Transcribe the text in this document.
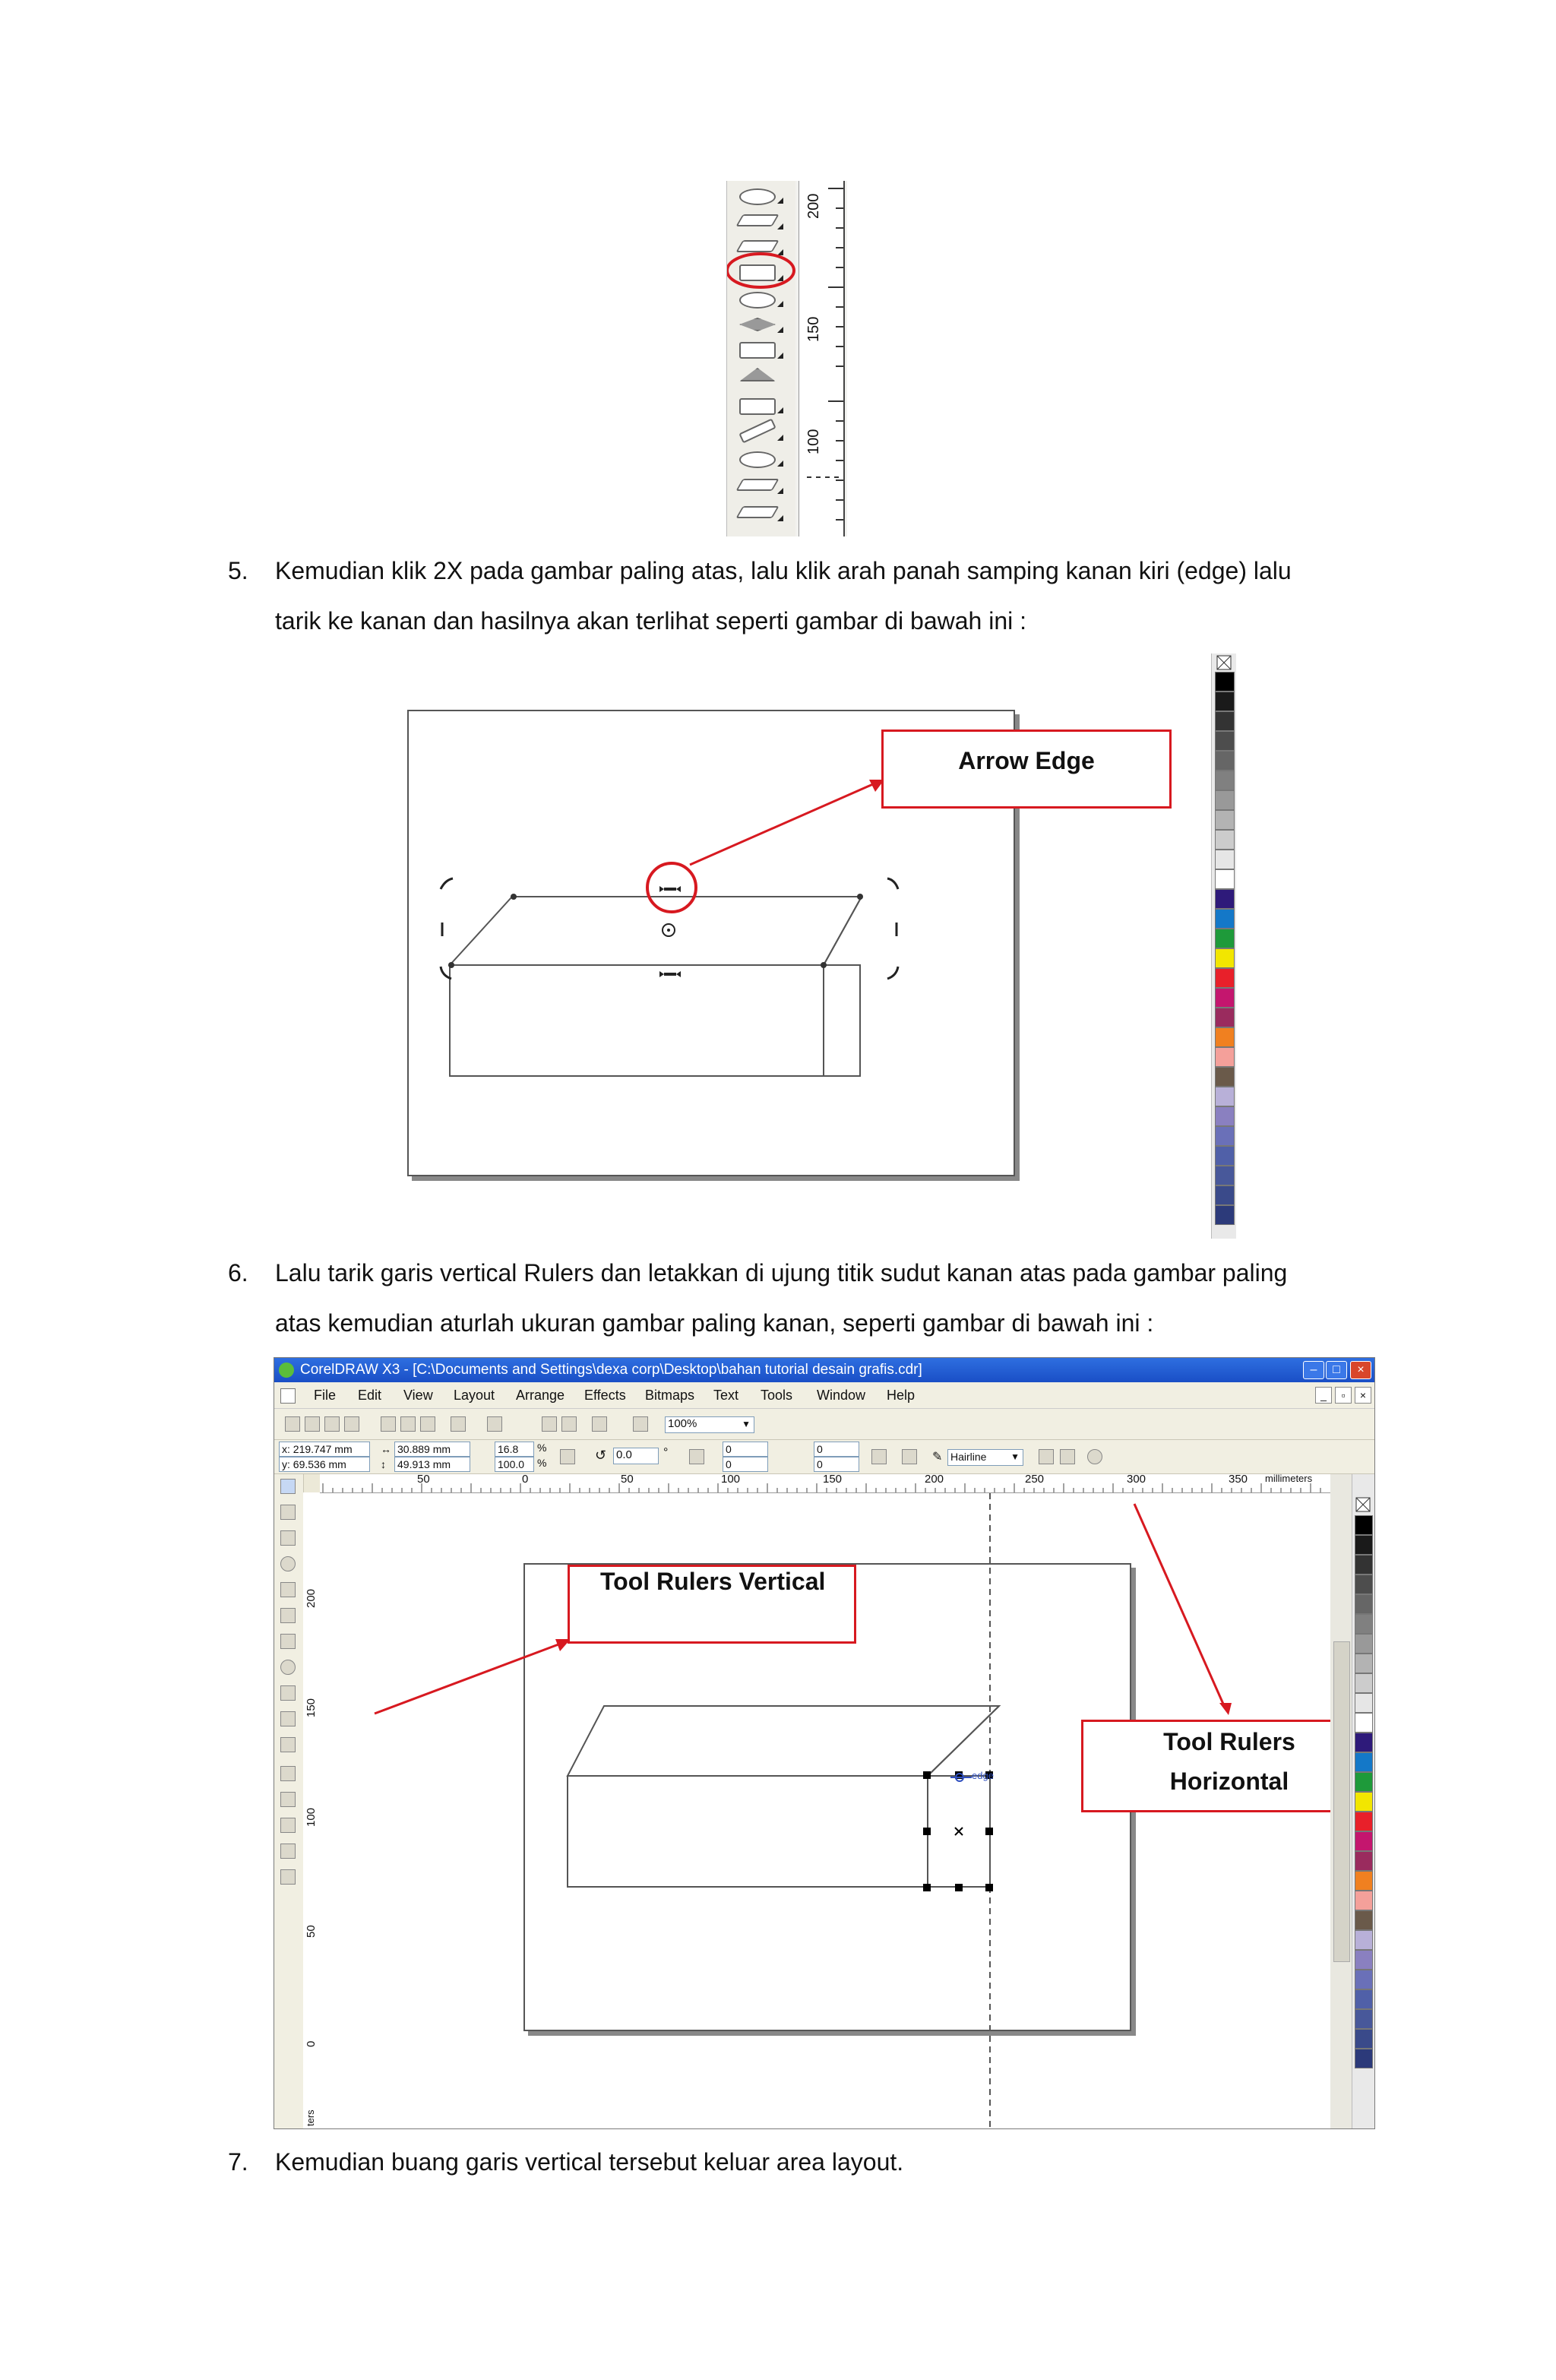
200
150
100
5. Kemudian klik 2X pada gambar paling atas, lalu klik arah panah samping kanan kiri (edge) lalu
tarik ke kanan dan hasilnya akan terlihat seperti gambar di bawah ini :
Arrow Edge
6. Lalu tarik garis vertical Rulers dan letakkan di ujung titik sudut kanan atas pada gambar paling
atas kemudian aturlah ukuran gambar paling kanan, seperti gambar di bawah ini :
CorelDRAW X3 - [C:\Documents and Settings\dexa corp\Desktop\bahan tutorial desain grafis.cdr]	–	□	×
File Edit View Layout Arrange Effects Bitmaps Text Tools Window Help	_	▫	×
100%	▼
x: 219.747 mm
y: 69.536 mm
↔
↕
30.889 mm
49.913 mm
16.8
100.0
%
%	↺ 0.0	°	0
0
0
0
✎ Hairline	▼
50	0	50	100	150	200	250	300	350 millimeters
200
150
100
50
0
ters
edge
Tool Rulers Vertical
Tool Rulers
Horizontal
7. Kemudian buang garis vertical tersebut keluar area layout.
